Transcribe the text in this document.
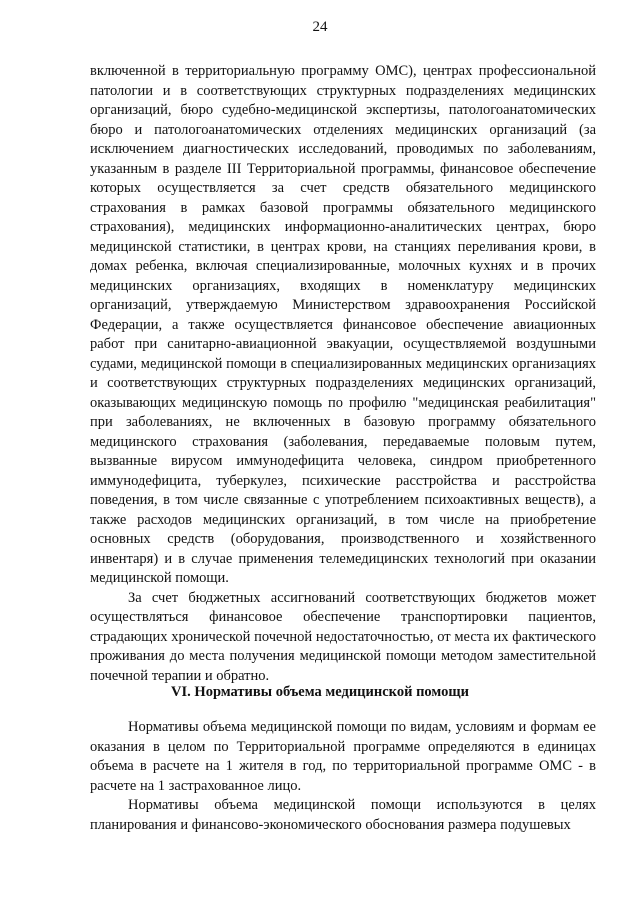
24

включенной в территориальную программу ОМС), центрах профессиональной патологии и в соответствующих структурных подразделениях медицинских организаций, бюро судебно-медицинской экспертизы, патологоанатомических бюро и патологоанатомических отделениях медицинских организаций (за исключением диагностических исследований, проводимых по заболеваниям, указанным в разделе III Территориальной программы, финансовое обеспечение которых осуществляется за счет средств обязательного медицинского страхования в рамках базовой программы обязательного медицинского страхования), медицинских информационно-аналитических центрах, бюро медицинской статистики, в центрах крови, на станциях переливания крови, в домах ребенка, включая специализированные, молочных кухнях и в прочих медицинских организациях, входящих в номенклатуру медицинских организаций, утверждаемую Министерством здравоохранения Российской Федерации, а также осуществляется финансовое обеспечение авиационных работ при санитарно-авиационной эвакуации, осуществляемой воздушными судами, медицинской помощи в специализированных медицинских организациях и соответствующих структурных подразделениях медицинских организаций, оказывающих медицинскую помощь по профилю "медицинская реабилитация" при заболеваниях, не включенных в базовую программу обязательного медицинского страхования (заболевания, передаваемые половым путем, вызванные вирусом иммунодефицита человека, синдром приобретенного иммунодефицита, туберкулез, психические расстройства и расстройства поведения, в том числе связанные с употреблением психоактивных веществ), а также расходов медицинских организаций, в том числе на приобретение основных средств (оборудования, производственного и хозяйственного инвентаря) и в случае применения телемедицинских технологий при оказании медицинской помощи.

За счет бюджетных ассигнований соответствующих бюджетов может осуществляться финансовое обеспечение транспортировки пациентов, страдающих хронической почечной недостаточностью, от места их фактического проживания до места получения медицинской помощи методом заместительной почечной терапии и обратно.

VI. Нормативы объема медицинской помощи

Нормативы объема медицинской помощи по видам, условиям и формам ее оказания в целом по Территориальной программе определяются в единицах объема в расчете на 1 жителя в год, по территориальной программе ОМС - в расчете на 1 застрахованное лицо.

Нормативы объема медицинской помощи используются в целях планирования и финансово-экономического обоснования размера подушевых
